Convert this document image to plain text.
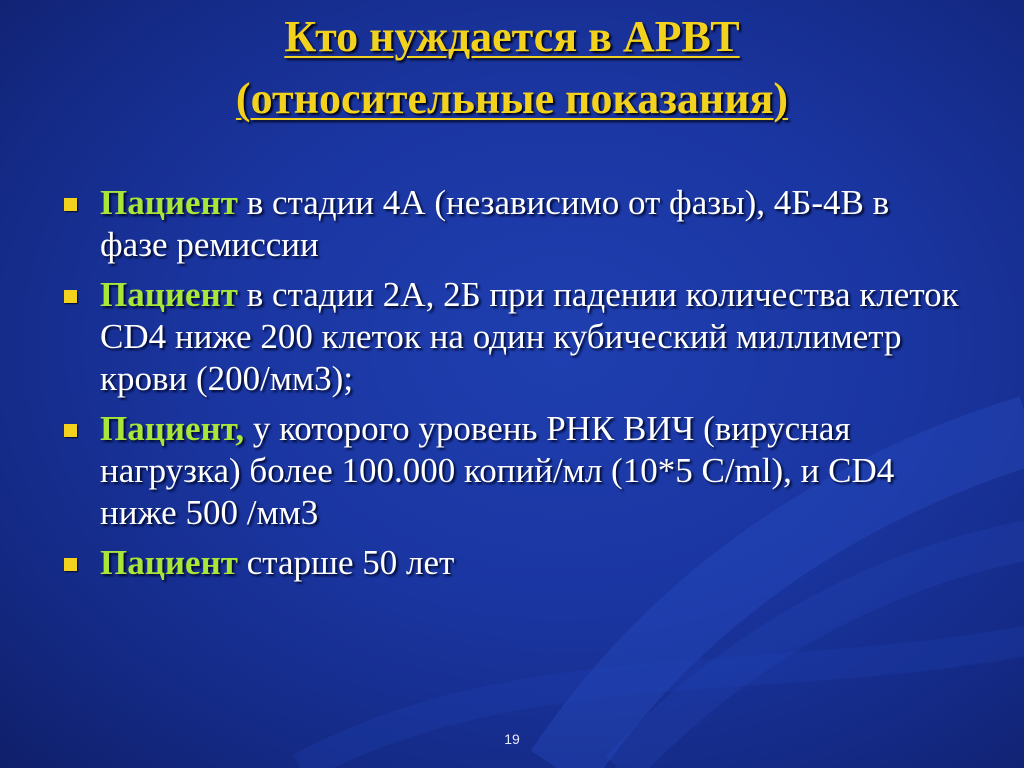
Кто нуждается в АРВТ
(относительные показания)
Пациент в стадии 4А (независимо от фазы), 4Б-4В в фазе ремиссии
Пациент в стадии 2А, 2Б при падении количества клеток CD4 ниже 200 клеток на один кубический миллиметр крови (200/мм3);
Пациент, у которого уровень РНК ВИЧ (вирусная нагрузка) более 100.000 копий/мл (10*5 C/ml), и CD4 ниже 500 /мм3
Пациент старше 50 лет
19
